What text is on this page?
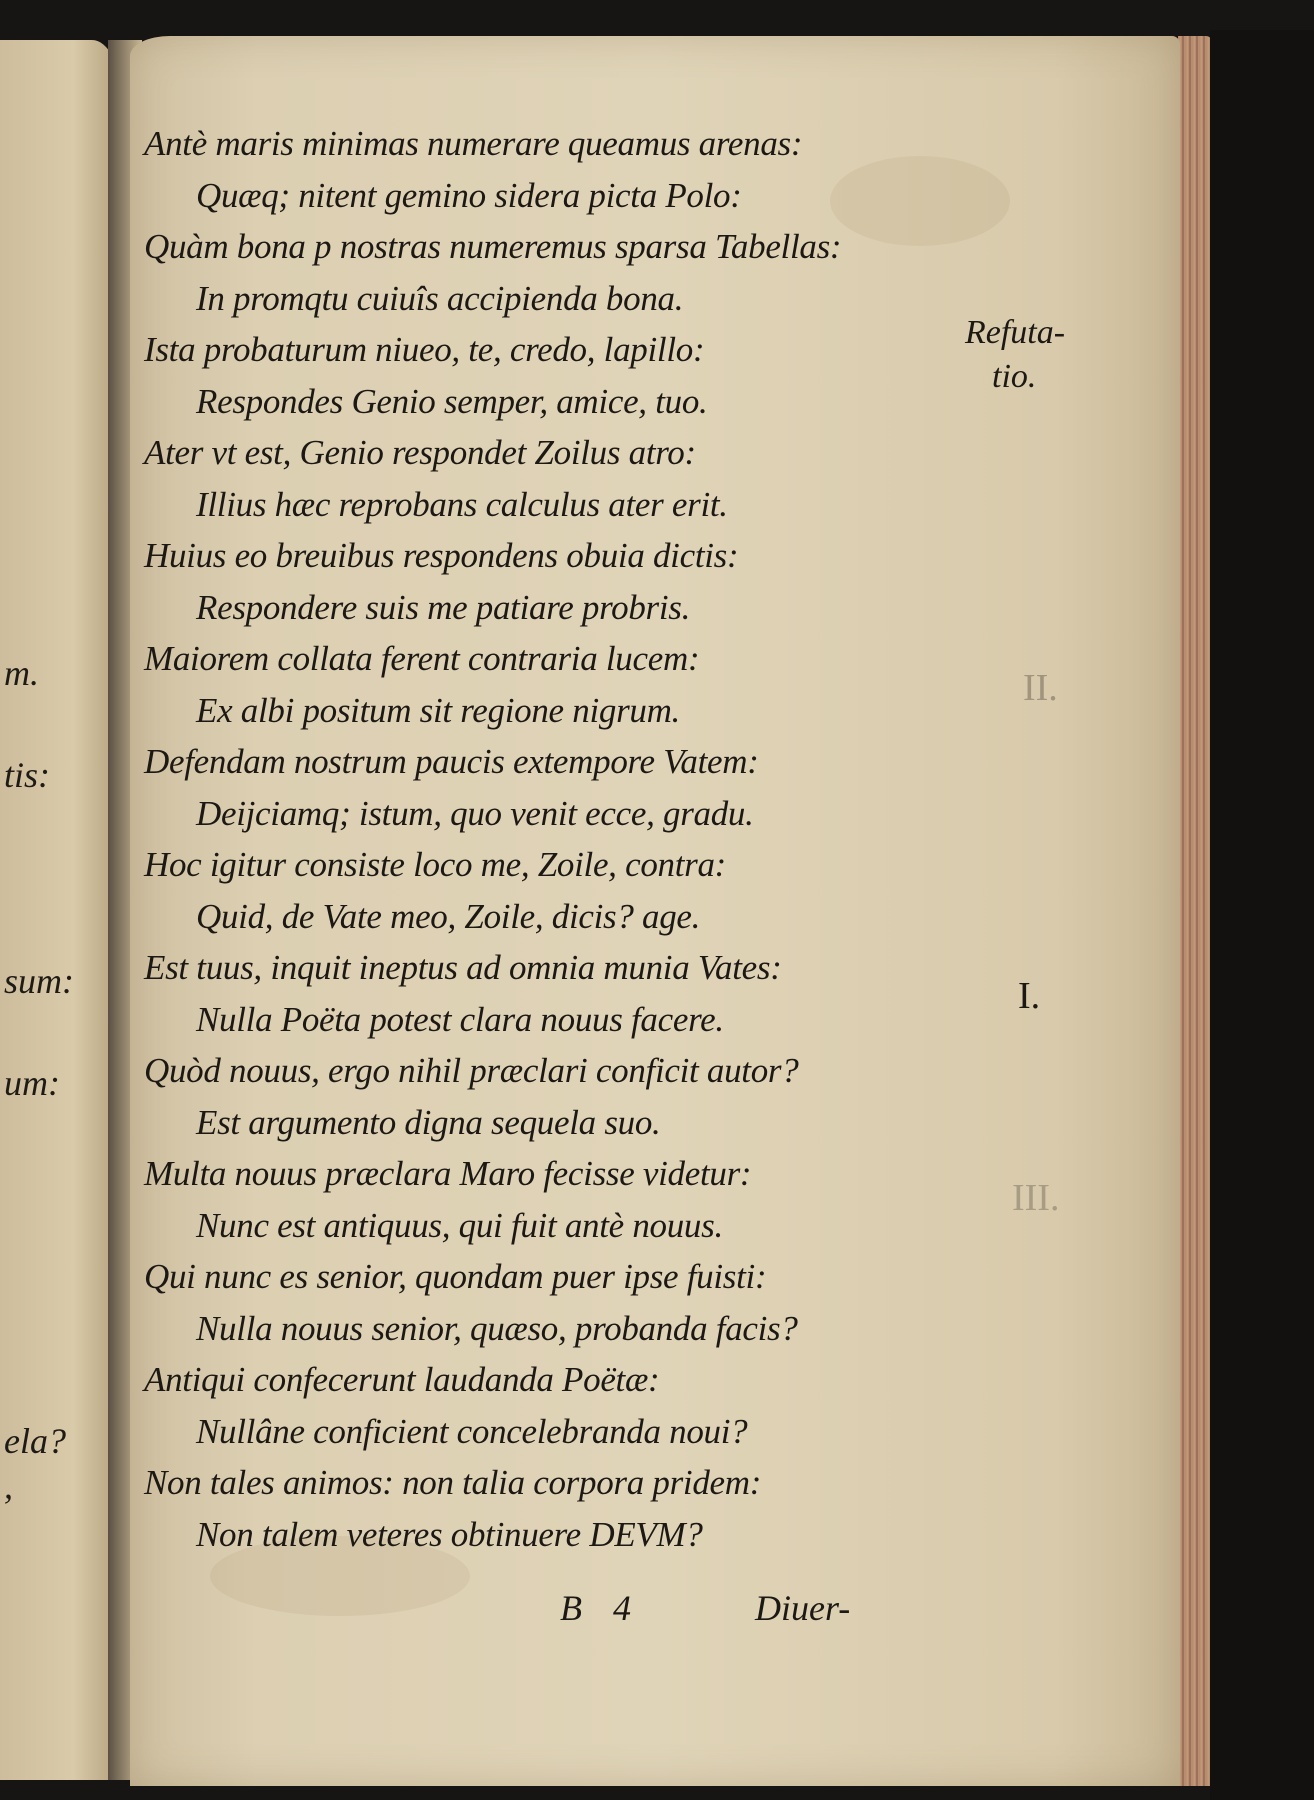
m.
tis:
sum:
um:
ela?
,
Antè maris minimas numerare queamus arenas:
Quæq; nitent gemino sidera picta Polo:
Quàm bona p nostras numeremus sparsa Tabellas:
In promqtu cuiuîs accipienda bona.
Ista probaturum niueo, te, credo, lapillo:
Respondes Genio semper, amice, tuo.
Ater vt est, Genio respondet Zoilus atro:
Illius hæc reprobans calculus ater erit.
Huius eo breuibus respondens obuia dictis:
Respondere suis me patiare probris.
Maiorem collata ferent contraria lucem:
Ex albi positum sit regione nigrum.
Defendam nostrum paucis extempore Vatem:
Deijciamq; istum, quo venit ecce, gradu.
Hoc igitur consiste loco me, Zoile, contra:
Quid, de Vate meo, Zoile, dicis? age.
Est tuus, inquit ineptus ad omnia munia Vates:
Nulla Poëta potest clara nouus facere.
Quòd nouus, ergo nihil præclari conficit autor?
Est argumento digna sequela suo.
Multa nouus præclara Maro fecisse videtur:
Nunc est antiquus, qui fuit antè nouus.
Qui nunc es senior, quondam puer ipse fuisti:
Nulla nouus senior, quæso, probanda facis?
Antiqui confecerunt laudanda Poëtæ:
Nullâne conficient concelebranda noui?
Non tales animos: non talia corpora pridem:
Non talem veteres obtinuere DEVM?
Refuta-
tio.
II.
I.
III.
B 4	Diuer-
